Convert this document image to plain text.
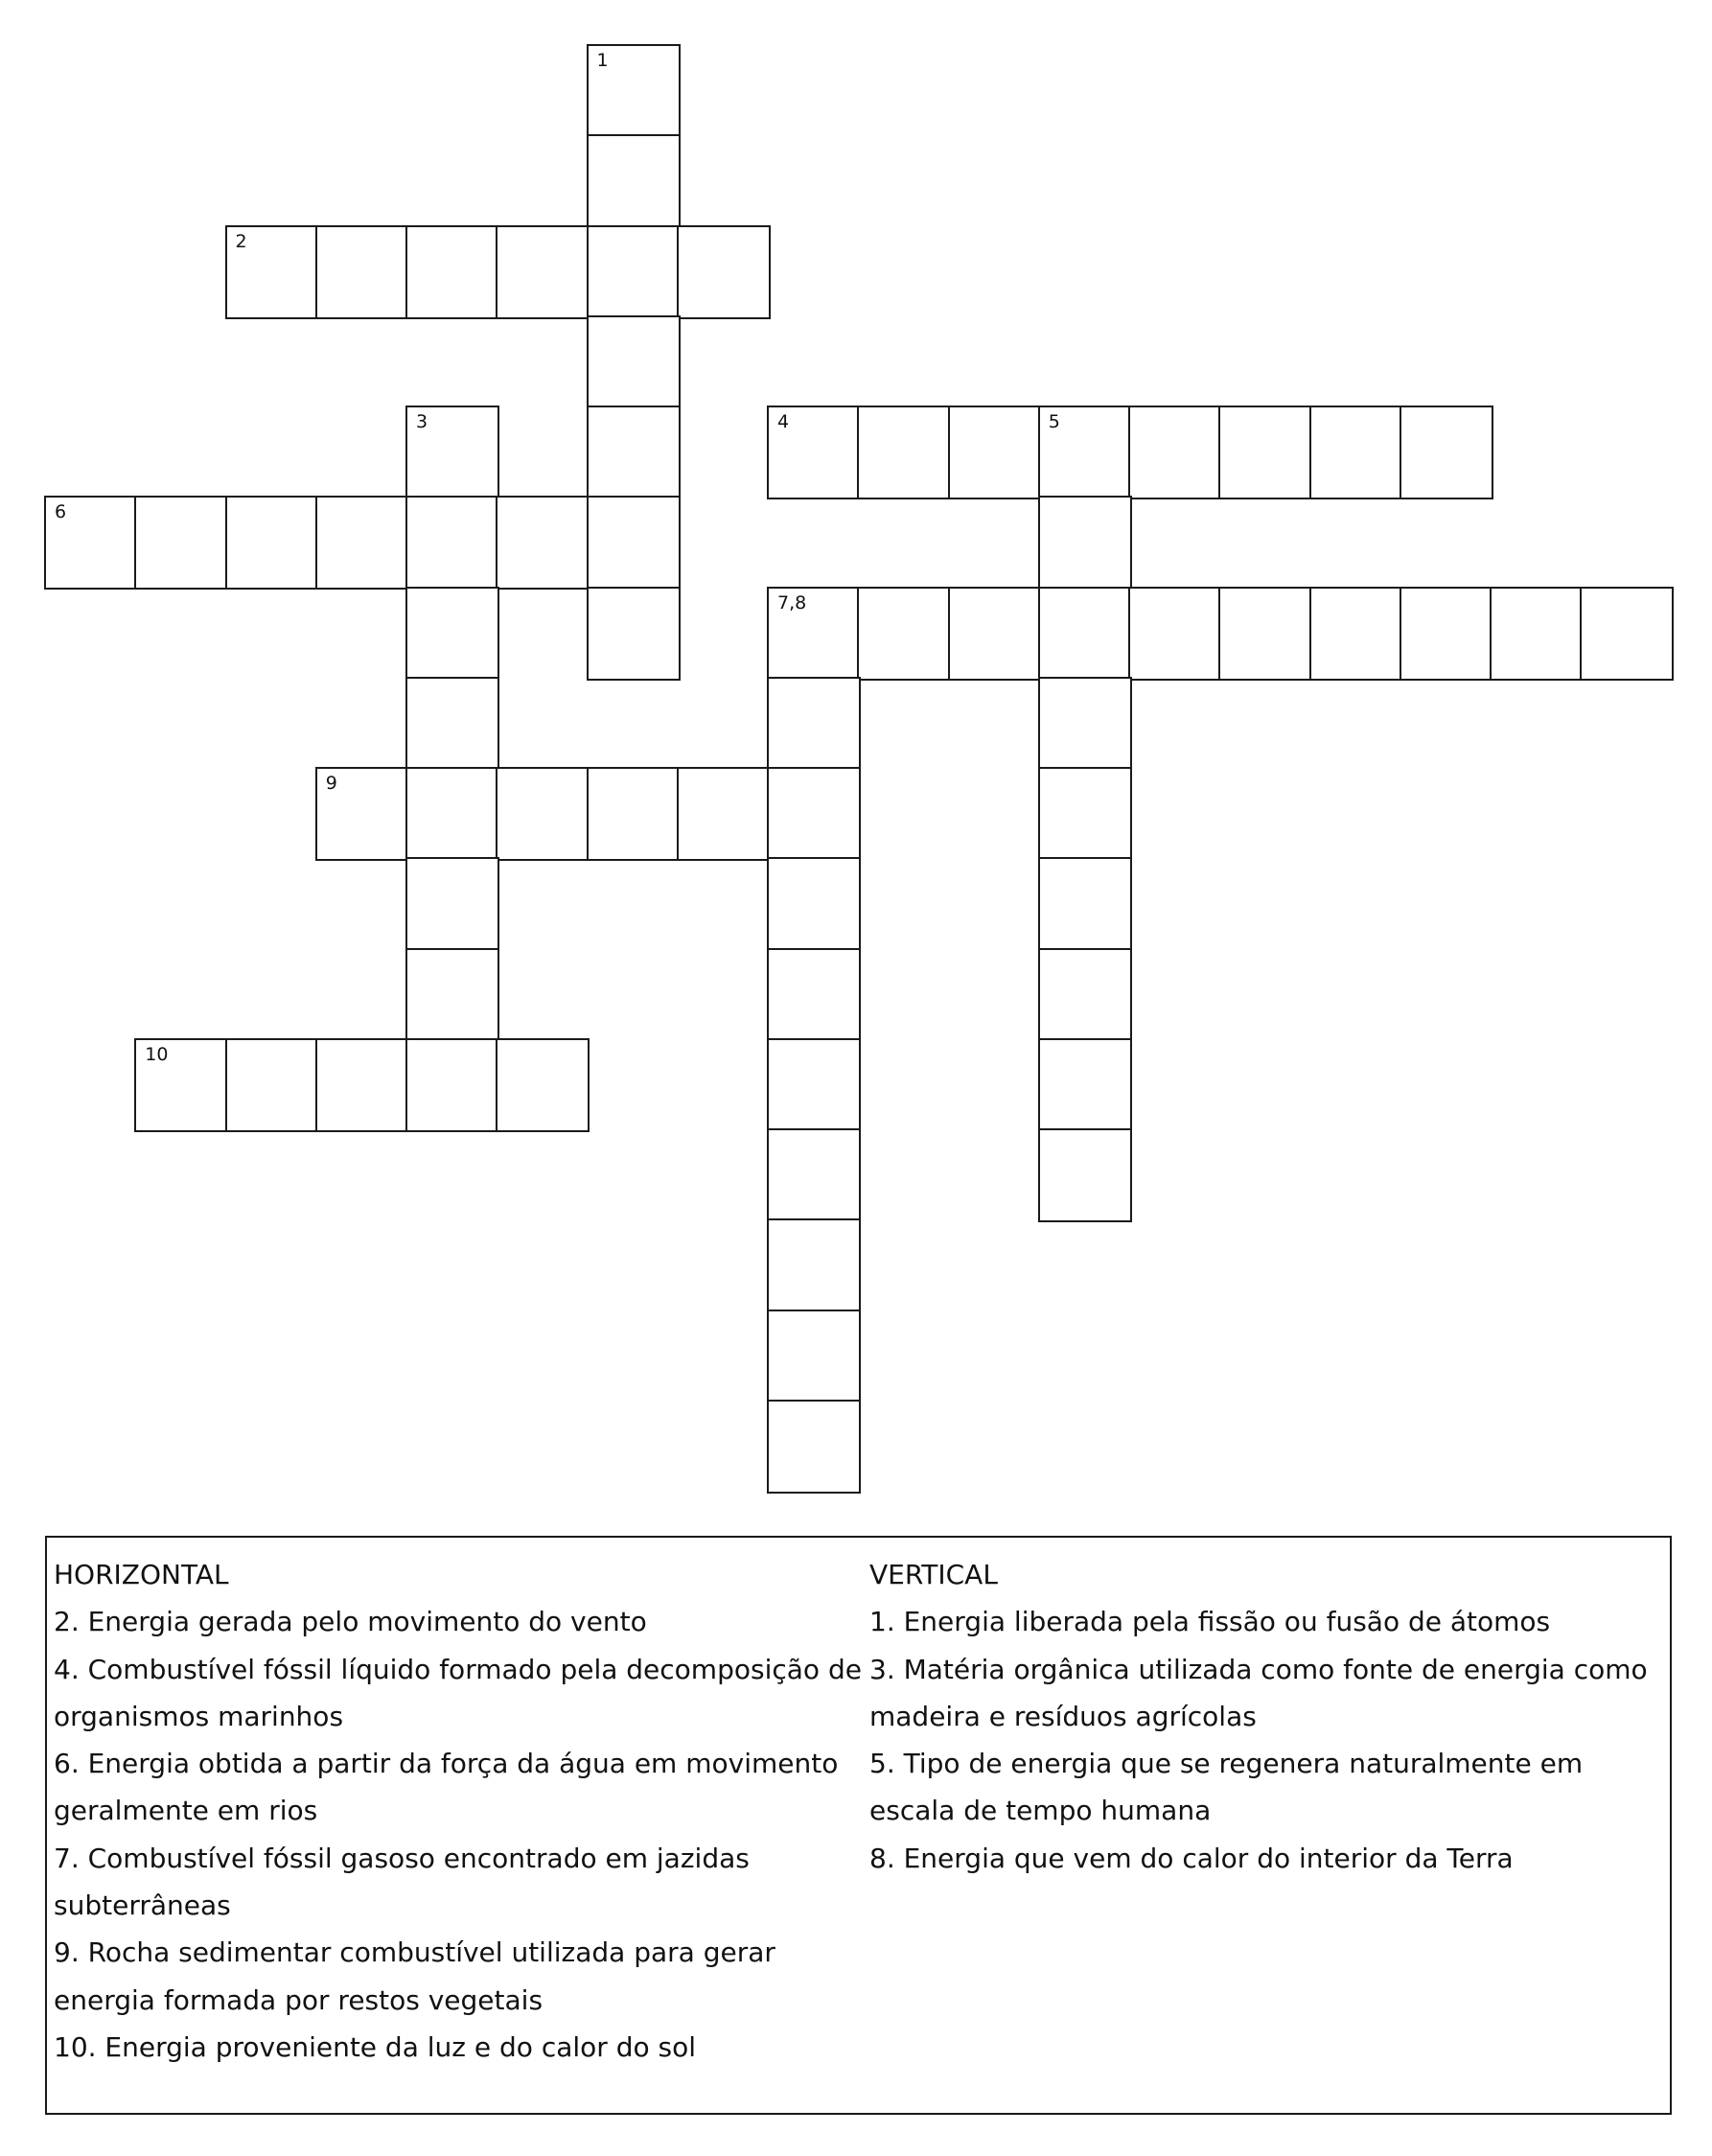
1
2
3	4	5
6
7,8
9
10

HORIZONTAL

2. Energia gerada pelo movimento do vento

4. Combustível fóssil líquido formado pela decomposição de organismos marinhos

6. Energia obtida a partir da força da água em movimento geralmente em rios

7. Combustível fóssil gasoso encontrado em jazidas subterrâneas

9. Rocha sedimentar combustível utilizada para gerar energia formada por restos vegetais

10. Energia proveniente da luz e do calor do sol

VERTICAL

1. Energia liberada pela fissão ou fusão de átomos

3. Matéria orgânica utilizada como fonte de energia como madeira e resíduos agrícolas

5. Tipo de energia que se regenera naturalmente em escala de tempo humana

8. Energia que vem do calor do interior da Terra
